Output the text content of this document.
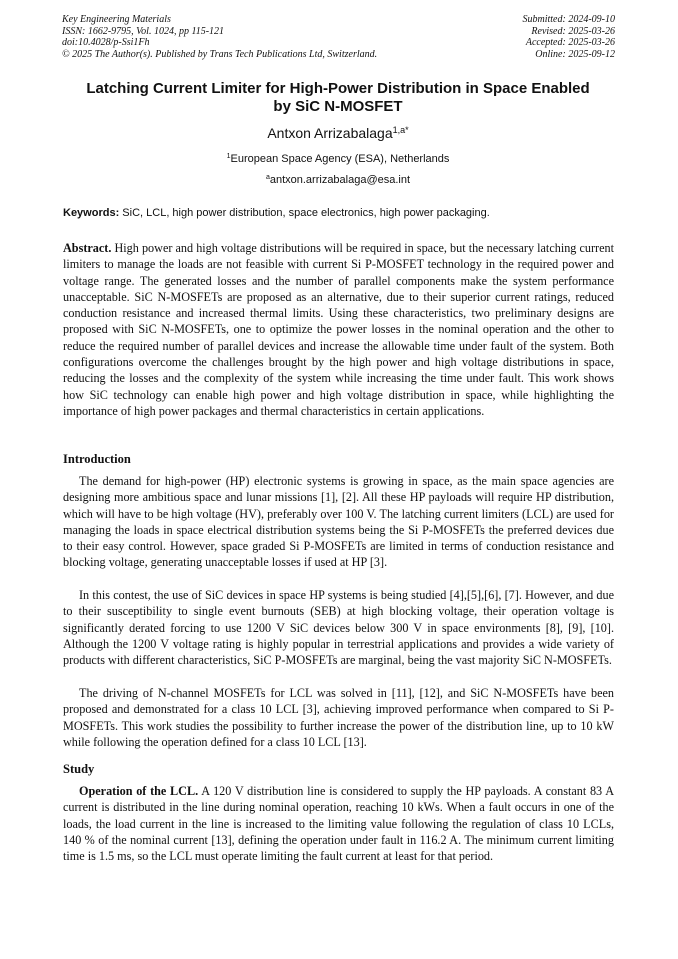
Key Engineering Materials
ISSN: 1662-9795, Vol. 1024, pp 115-121
doi:10.4028/p-Ssi1Fh
© 2025 The Author(s). Published by Trans Tech Publications Ltd, Switzerland.
Submitted: 2024-09-10
Revised: 2025-03-26
Accepted: 2025-03-26
Online: 2025-09-12
Latching Current Limiter for High-Power Distribution in Space Enabled
by SiC N-MOSFET
Antxon Arrizabalaga$^{1,a*}$
$^1$European Space Agency (ESA), Netherlands
$^a$antxon.arrizabalaga@esa.int
Keywords: SiC, LCL, high power distribution, space electronics, high power packaging.

Abstract. High power and high voltage distributions will be required in space, but the necessary latching current limiters to manage the loads are not feasible with current Si P-MOSFET technology in the required power and voltage range. The generated losses and the number of parallel components make the system performance unacceptable. SiC N-MOSFETs are proposed as an alternative, due to their superior current ratings, reduced conduction resistance and increased thermal limits. Using these characteristics, two preliminary designs are proposed with SiC N-MOSFETs, one to optimize the power losses in the nominal operation and the other to reduce the required number of parallel devices and increase the allowable time under fault of the system. Both configurations overcome the challenges brought by the high power and high voltage distributions in space, reducing the losses and the complexity of the system while increasing the time under fault. This work shows how SiC technology can enable high power and high voltage distribution in space, while highlighting the importance of high power packages and thermal characteristics in certain applications.

Introduction

The demand for high-power (HP) electronic systems is growing in space, as the main space agencies are designing more ambitious space and lunar missions [1], [2]. All these HP payloads will require HP distribution, which will have to be high voltage (HV), preferably over 100 V. The latching current limiters (LCL) are used for managing the loads in space electrical distribution systems being the Si P-MOSFETs the preferred devices due to their easy control. However, space graded Si P-MOSFETs are limited in terms of conduction resistance and blocking voltage, generating unacceptable losses if used at HP [3].

In this contest, the use of SiC devices in space HP systems is being studied [4],[5],[6], [7]. However, and due to their susceptibility to single event burnouts (SEB) at high blocking voltage, their operation voltage is significantly derated forcing to use 1200 V SiC devices below 300 V in space environments [8], [9], [10]. Although the 1200 V voltage rating is highly popular in terrestrial applications and provides a wide variety of products with different characteristics, SiC P-MOSFETs are marginal, being the vast majority SiC N-MOSFETs.

The driving of N-channel MOSFETs for LCL was solved in [11], [12], and SiC N-MOSFETs have been proposed and demonstrated for a class 10 LCL [3], achieving improved performance when compared to Si P-MOSFETs. This work studies the possibility to further increase the power of the distribution line, up to 10 kW while following the operation defined for a class 10 LCL [13].

Study

Operation of the LCL. A 120 V distribution line is considered to supply the HP payloads. A constant 83 A current is distributed in the line during nominal operation, reaching 10 kWs. When a fault occurs in one of the loads, the load current in the line is increased to the limiting value following the regulation of class 10 LCLs, 140 % of the nominal current [13], defining the operation under fault in 116.2 A. The minimum current limiting time is 1.5 ms, so the LCL must operate limiting the fault current at least for that period.
